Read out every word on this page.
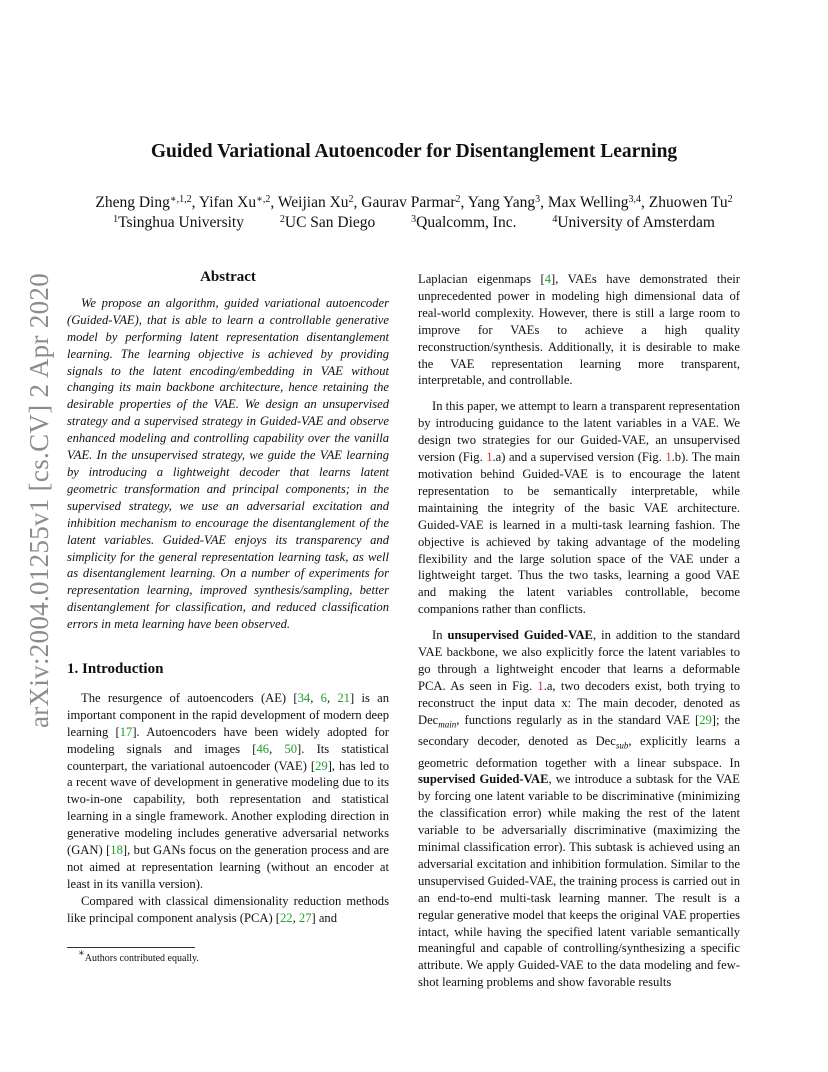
arXiv:2004.01255v1 [cs.CV] 2 Apr 2020
Guided Variational Autoencoder for Disentanglement Learning
Zheng Ding$^{∗,1,2}$, Yifan $Xu^{∗,2}$, Weijian Xu$^2$, Gaurav Parmar$^2$, Yang Yang$^3$, Max Welling$^{3,4}$, Zhuowen Tu$^2$
$^1$Tsinghua University	$^2$UC San Diego	$^3$Qualcomm, Inc.	$^4$University of Amsterdam
Abstract

We propose an algorithm, guided variational autoencoder (Guided-VAE), that is able to learn a controllable generative model by performing latent representation disentanglement learning. The learning objective is achieved by providing signals to the latent encoding/embedding in VAE without changing its main backbone architecture, hence retaining the desirable properties of the VAE. We design an unsupervised strategy and a supervised strategy in Guided-VAE and observe enhanced modeling and controlling capability over the vanilla VAE. In the unsupervised strategy, we guide the VAE learning by introducing a lightweight decoder that learns latent geometric transformation and principal components; in the supervised strategy, we use an adversarial excitation and inhibition mechanism to encourage the disentanglement of the latent variables. Guided-VAE enjoys its transparency and simplicity for the general representation learning task, as well as disentanglement learning. On a number of experiments for representation learning, improved synthesis/sampling, better disentanglement for classification, and reduced classification errors in meta learning have been observed.

1. Introduction

The resurgence of autoencoders (AE) [34, 6, 21] is an important component in the rapid development of modern deep learning [17]. Autoencoders have been widely adopted for modeling signals and images [46, 50]. Its statistical counterpart, the variational autoencoder (VAE) [29], has led to a recent wave of development in generative modeling due to its two-in-one capability, both representation and statistical learning in a single framework. Another exploding direction in generative modeling includes generative adversarial networks (GAN) [18], but GANs focus on the generation process and are not aimed at representation learning (without an encoder at least in its vanilla version).

Compared with classical dimensionality reduction methods like principal component analysis (PCA) [22, 27] and

Laplacian eigenmaps [4], VAEs have demonstrated their unprecedented power in modeling high dimensional data of real-world complexity. However, there is still a large room to improve for VAEs to achieve a high quality reconstruction/synthesis. Additionally, it is desirable to make the VAE representation learning more transparent, interpretable, and controllable.

In this paper, we attempt to learn a transparent representation by introducing guidance to the latent variables in a VAE. We design two strategies for our Guided-VAE, an unsupervised version (Fig. 1.a) and a supervised version (Fig. 1.b). The main motivation behind Guided-VAE is to encourage the latent representation to be semantically interpretable, while maintaining the integrity of the basic VAE architecture. Guided-VAE is learned in a multi-task learning fashion. The objective is achieved by taking advantage of the modeling flexibility and the large solution space of the VAE under a lightweight target. Thus the two tasks, learning a good VAE and making the latent variables controllable, become companions rather than conflicts.

In unsupervised Guided-VAE, in addition to the standard VAE backbone, we also explicitly force the latent variables to go through a lightweight encoder that learns a deformable PCA. As seen in Fig. 1.a, two decoders exist, both trying to reconstruct the input data x: The main decoder, denoted as Dec$_{main}$, functions regularly as in the standard VAE [29]; the secondary decoder, denoted as Dec$_{sub}$, explicitly learns a geometric deformation together with a linear subspace. In supervised Guided-VAE, we introduce a subtask for the VAE by forcing one latent variable to be discriminative (minimizing the classification error) while making the rest of the latent variable to be adversarially discriminative (maximizing the minimal classification error). This subtask is achieved using an adversarial excitation and inhibition formulation. Similar to the unsupervised Guided-VAE, the training process is carried out in an end-to-end multi-task learning manner. The result is a regular generative model that keeps the original VAE properties intact, while having the specified latent variable semantically meaningful and capable of controlling/synthesizing a specific attribute. We apply Guided-VAE to the data modeling and few-shot learning problems and show favorable results

∗Authors contributed equally.
